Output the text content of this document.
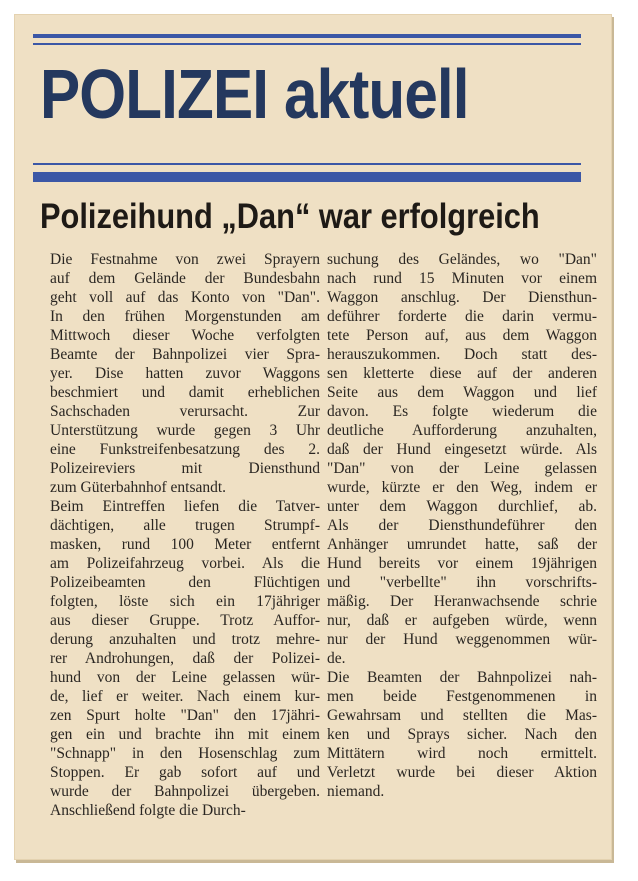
POLIZEI aktuell
Polizeihund „Dan“ war erfolgreich
Die Festnahme von zwei Sprayern
auf dem Gelände der Bundesbahn
geht voll auf das Konto von "Dan".
In den frühen Morgenstunden am
Mittwoch dieser Woche verfolgten
Beamte der Bahnpolizei vier Spra-
yer. Dise hatten zuvor Waggons
beschmiert und damit erheblichen
Sachschaden verursacht. Zur
Unterstützung wurde gegen 3 Uhr
eine Funkstreifenbesatzung des 2.
Polizeireviers mit Diensthund
zum Güterbahnhof entsandt.
Beim Eintreffen liefen die Tatver-
dächtigen, alle trugen Strumpf-
masken, rund 100 Meter entfernt
am Polizeifahrzeug vorbei. Als die
Polizeibeamten den Flüchtigen
folgten, löste sich ein 17jähriger
aus dieser Gruppe. Trotz Auffor-
derung anzuhalten und trotz mehre-
rer Androhungen, daß der Polizei-
hund von der Leine gelassen wür-
de, lief er weiter. Nach einem kur-
zen Spurt holte "Dan" den 17jähri-
gen ein und brachte ihn mit einem
"Schnapp" in den Hosenschlag zum
Stoppen. Er gab sofort auf und
wurde der Bahnpolizei übergeben.
Anschließend folgte die Durch-
suchung des Geländes, wo "Dan"
nach rund 15 Minuten vor einem
Waggon anschlug. Der Diensthun-
deführer forderte die darin vermu-
tete Person auf, aus dem Waggon
herauszukommen. Doch statt des-
sen kletterte diese auf der anderen
Seite aus dem Waggon und lief
davon. Es folgte wiederum die
deutliche Aufforderung anzuhalten,
daß der Hund eingesetzt würde. Als
"Dan" von der Leine gelassen
wurde, kürzte er den Weg, indem er
unter dem Waggon durchlief, ab.
Als der Diensthundeführer den
Anhänger umrundet hatte, saß der
Hund bereits vor einem 19jährigen
und "verbellte" ihn vorschrifts-
mäßig. Der Heranwachsende schrie
nur, daß er aufgeben würde, wenn
nur der Hund weggenommen wür-
de.
Die Beamten der Bahnpolizei nah-
men beide Festgenommenen in
Gewahrsam und stellten die Mas-
ken und Sprays sicher. Nach den
Mittätern wird noch ermittelt.
Verletzt wurde bei dieser Aktion
niemand.
